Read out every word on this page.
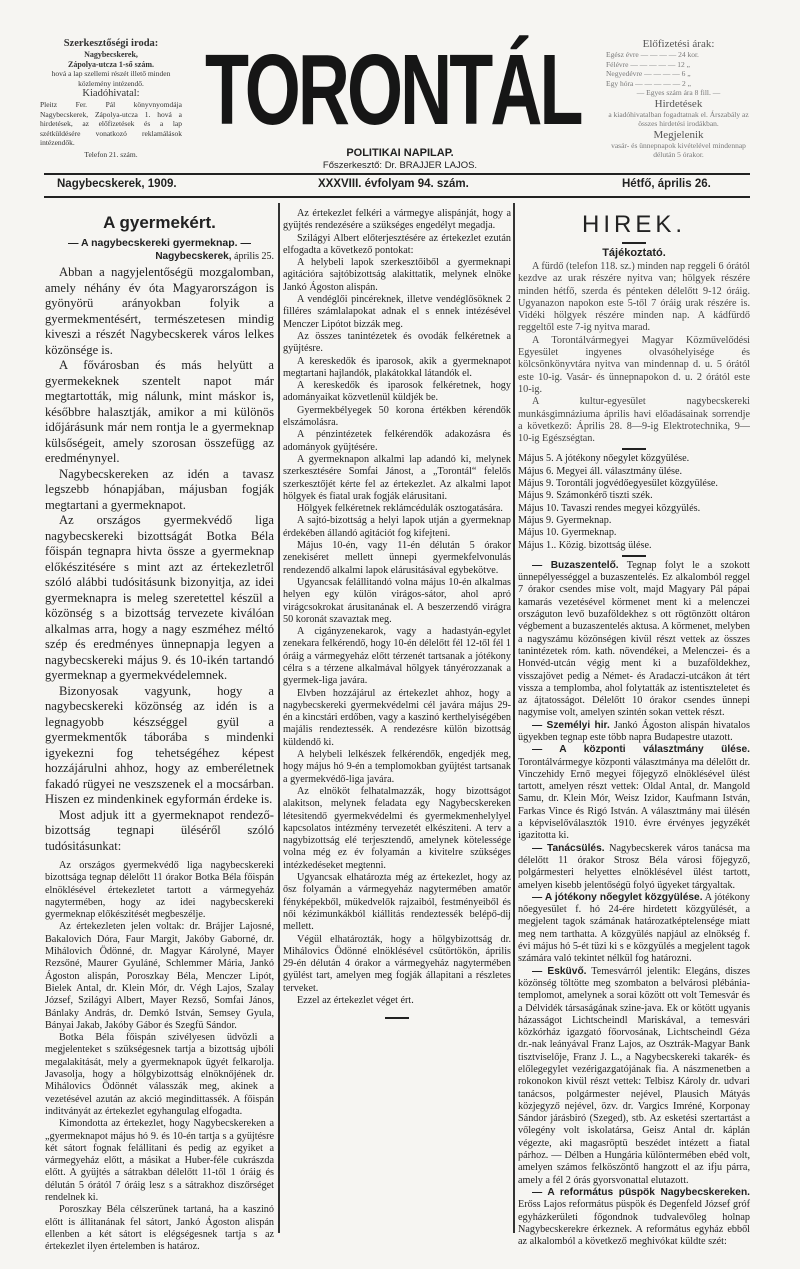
Szerkesztőségi iroda:
Nagybecskerek,
Zápolya-utcza 1-ső szám.
hová a lap szellemi részét illető minden közlemény intézendő.
Kiadóhivatal:
Pleitz Fer. Pál könyvnyomdája Nagybecskerek, Zápolya-utcza 1. hová a hirdetések, az előfizetések és a lap szétküldésére vonatkozó reklamálások intézendők.
Telefon 21. szám.
TORONTÁL
POLITIKAI NAPILAP.
Főszerkesztő: Dr. BRAJJER LAJOS.
Előfizetési árak:
Egész évre — — — — 24 kor.
Félévre — — — — — 12 „
Negyedévre — — — — 6 „
Egy hóra — — — — — 2 „
— Egyes szám ára 8 fill. —
Hirdetések
a kiadóhivatalban fogadtatnak el. Árszabály az összes hirdetési irodákban.
Megjelenik
vasár- és ünnepnapok kivételével mindennap délután 5 órakor.
Nagybecskerek, 1909.	XXXVIII. évfolyam 94. szám.	Hétfő, április 26.
A gyermekért.
— A nagybecskereki gyermeknap. —
Nagybecskerek, április 25.

Abban a nagyjelentőségü mozgalomban, amely néhány év óta Magyarországon is gyönyörü arányokban folyik a gyermekmentésért, természetesen mindig kiveszi a részét Nagybecskerek város lelkes közönsége is.

A fővárosban és más helyütt a gyermekeknek szentelt napot már megtartották, mig nálunk, mint máskor is, későbbre halasztják, amikor a mi különös időjárásunk már nem rontja le a gyermeknap külsőségeit, amely szorosan összefügg az eredménynyel.

Nagybecskereken az idén a tavasz legszebb hónapjában, májusban fogják megtartani a gyermeknapot.

Az országos gyermekvédő liga nagybecskereki bizottságát Botka Béla főispán tegnapra hivta össze a gyermeknap előkészitésére s mint azt az értekezletről szóló alábbi tudósitásunk bizonyitja, az idei gyermeknapra is meleg szeretettel készül a közönség s a bizottság tervezete kiválóan alkalmas arra, hogy a nagy eszméhez méltó szép és eredményes ünnepnapja legyen a nagybecskereki május 9. és 10-ikén tartandó gyermeknap a gyermekvédelemnek.

Bizonyosak vagyunk, hogy a nagybecskereki közönség az idén is a legnagyobb készséggel gyül a gyermekmentők táborába s mindenki igyekezni fog tehetségéhez képest hozzájárulni ahhoz, hogy az emberéletnek fakadó rügyei ne veszszenek el a mocsárban. Hiszen ez mindenkinek egyformán érdeke is.

Most adjuk itt a gyermeknapot rendező-bizottság tegnapi üléséről szóló tudósitásunkat:

Az országos gyermekvédő liga nagybecskereki bizottsága tegnap délelőtt 11 órakor Botka Béla főispán elnöklésével értekezletet tartott a vármegyeház nagytermében, hogy az idei nagybecskereki gyermeknap előkészitését megbeszélje.

Az értekezleten jelen voltak: dr. Brájjer Lajosné, Bakalovich Dóra, Faur Margit, Jakóby Gaborné, dr. Mihálovich Ödönné, dr. Magyar Károlyné, Mayer Rezsőné, Maurer Gyuláné, Schlemmer Mária, Jankó Ágoston alispán, Poroszkay Béla, Menczer Lipót, Bielek Antal, dr. Klein Mór, dr. Végh Lajos, Szalay József, Szilágyi Albert, Mayer Rezső, Somfai János, Bánlaky András, dr. Demkó István, Semsey Gyula, Bányai Jakab, Jakóby Gábor és Szegfü Sándor.

Botka Béla főispán szivélyesen üdvözli a megjelenteket s szükségesnek tartja a bizottság ujbóli megalakitását, mely a gyermeknapok ügyét felkarolja. Javasolja, hogy a hölgybizottság elnöknőjének dr. Mihálovics Ödönnét válasszák meg, akinek a vezetésével azután az akció megindittassék. A főispán inditványát az értekezlet egyhangulag elfogadta.

Kimondotta az értekezlet, hogy Nagybecskereken a „gyermeknapot május hó 9. és 10-én tartja s a gyüjtésre két sátort fognak felállitani és pedig az egyiket a vármegyeház előtt, a másikat a Huber-féle cukrászda előtt. A gyüjtés a sátrakban délelőtt 11-től 1 óráig és délután 5 órától 7 óráig lesz s a sátrakhoz diszőrséget rendelnek ki.

Poroszkay Béla célszerünek tartaná, ha a kaszinó előtt is állitanának fel sátort, Jankó Ágoston alispán ellenben a két sátort is elégségesnek tartja s az értekezlet ilyen értelemben is határoz.

Az értekezlet felkéri a vármegye alispánját, hogy a gyüjtés rendezésére a szükséges engedélyt megadja.

Szilágyi Albert előterjesztésére az értekezlet ezután elfogadta a következő pontokat:

A helybeli lapok szerkesztőiből a gyermeknapi agitációra sajtóbizottság alakittatik, melynek elnöke Jankó Ágoston alispán.

A vendéglői pincéreknek, illetve vendéglősöknek 2 filléres számlalapokat adnak el s ennek intézésével Menczer Lipótot bizzák meg.

Az összes tanintézetek és ovodák felkéretnek a gyüjtésre.

A kereskedők és iparosok, akik a gyermeknapot megtartani hajlandók, plakátokkal látandók el.

A kereskedők és iparosok felkéretnek, hogy adományaikat közvetlenül küldjék be.

Gyermekbélyegek 50 korona értékben kérendők elszámolásra.

A pénzintézetek felkérendők adakozásra és adományok gyüjtésére.

A gyermeknapon alkalmi lap adandó ki, melynek szerkesztésére Somfai Jánost, a „Torontál“ felelős szerkesztőjét kérte fel az értekezlet. Az alkalmi lapot hölgyek és fiatal urak fogják elárusitani.

Hölgyek felkéretnek reklámcédulák osztogatására.

A sajtó-bizottság a helyi lapok utján a gyermeknap érdekében állandó agitációt fog kifejteni.

Május 10-én, vagy 11-én délután 5 órakor zenekiséret mellett ünnepi gyermekfelvonulás rendezendő alkalmi lapok elárusitásával egybekötve.

Ugyancsak felállitandó volna május 10-én alkalmas helyen egy külön virágos-sátor, ahol apró virágcsokrokat árusitanának el. A beszerzendő virágra 50 koronát szavaztak meg.

A cigányzenekarok, vagy a hadastyán-egylet zenekara felkérendő, hogy 10-én délelőtt fél 12-től fél 1 óráig a vármegyeház előtt térzenét tartsanak a jótékony célra s a térzene alkalmával hölgyek tányérozzanak a gyermek-liga javára.

Elvben hozzájárul az értekezlet ahhoz, hogy a nagybecskereki gyermekvédelmi cél javára május 29-én a kincstári erdőben, vagy a kaszinó kerthelyiségében majális rendeztessék. A rendezésre külön bizottság küldendő ki.

A helybeli lelkészek felkérendők, engedjék meg, hogy május hó 9-én a templomokban gyüjtést tartsanak a gyermekvédő-liga javára.

Az elnököt felhatalmazzák, hogy bizottságot alakitson, melynek feladata egy Nagybecskereken létesitendő gyermekvédelmi és gyermekmenhelylyel kapcsolatos intézmény tervezetét elkésziteni. A terv a nagybizottság elé terjesztendő, amelynek kötelessége volna még ez év folyamán a kivitelre szükséges intézkedéseket megtenni.

Ugyancsak elhatározta még az értekezlet, hogy az ősz folyamán a vármegyeház nagytermében amatőr fényképekből, mükedvelők rajzaiból, festményeiből és női kézimunkákból kiállitás rendeztessék belépő-dij mellett.

Végül elhatározták, hogy a hölgybizottság dr. Mihálovics Ödönné elnöklésével csütörtökön, április 29-én délután 4 órakor a vármegyeház nagytermében gyülést tart, amelyen meg fogják állapitani a részletes terveket.

Ezzel az értekezlet véget ért.

HIREK.
Tájékoztató.

A fürdő (telefon 118. sz.) minden nap reggeli 6 órától kezdve az urak részére nyitva van; hölgyek részére minden hétfő, szerda és pénteken délelőtt 9-12 óráig. Ugyanazon napokon este 5-től 7 óráig urak részére is. Vidéki hölgyek részére minden nap. A kádfürdő reggeltől este 7-ig nyitva marad.

A Torontálvármegyei Magyar Közművelődési Egyesület ingyenes olvasóhelyisége és kölcsönkönyvtára nyitva van mindennap d. u. 5 órától este 10-ig. Vasár- és ünnepnapokon d. u. 2 órától este 10-ig.

A kultur-egyesület nagybecskereki munkásgimnáziuma április havi előadásainak sorrendje a következő: Április 28. 8—9-ig Elektrotechnika, 9—10-ig Egészségtan.

Május 5. A jótékony nőegylet közgyülése.

Május 6. Megyei áll. választmány ülése.

Május 9. Torontáli jogvédőegyesület közgyülése.

Május 9. Számonkérő tiszti szék.

Május 10. Tavaszi rendes megyei közgyülés.

Május 9. Gyermeknap.

Május 10. Gyermeknap.

Május 1.. Közig. bizottság ülése.

— Buzaszentelő. Tegnap folyt le a szokott ünnepélyességgel a buzaszentelés. Ez alkalomból reggel 7 órakor csendes mise volt, majd Magyary Pál pápai kamarás vezetésével körmenet ment ki a melenczei országuton levő buzaföldekhez s ott rögtönzött oltáron végbement a buzaszentelés aktusa. A körmenet, melyben a nagyszámu közönségen kivül részt vettek az összes tanintézetek róm. kath. növendékei, a Melenczei- és a Honvéd-utcán végig ment ki a buzaföldekhez, visszajövet pedig a Német- és Aradaczi-utcákon át tért vissza a templomba, ahol folytatták az istentiszteletet és az ájtatosságot. Délelőtt 10 órakor csendes ünnepi nagymise volt, amelyen szintén sokan vettek részt.

— Személyi hir. Jankó Ágoston alispán hivatalos ügyekben tegnap este több napra Budapestre utazott.

— A központi választmány ülése. Torontálvármegye központi választmánya ma délelőtt dr. Vinczehidy Ernő megyei főjegyző elnöklésével ülést tartott, amelyen részt vettek: Oldal Antal, dr. Mangold Samu, dr. Klein Mór, Weisz Izidor, Kaufmann István, Farkas Vince és Rigó István. A választmány mai ülésén a képviselőválasztók 1910. évre érvényes jegyzékét igazitotta ki.

— Tanácsülés. Nagybecskerek város tanácsa ma délelőtt 11 órakor Strosz Béla városi főjegyző, polgármesteri helyettes elnöklésével ülést tartott, amelyen kisebb jelentőségü folyó ügyeket tárgyaltak.

— A jótékony nőegylet közgyülése. A jótékony nőegyesület f. hó 24-ére hirdetett közgyülését, a megjelent tagok számának határozatképtelensége miatt meg nem tarthatta. A közgyülés napjául az elnökség f. évi május hó 5-ét tüzi ki s e közgyülés a megjelent tagok számára való tekintet nélkül fog határozni.

— Esküvő. Temesvárról jelentik: Elegáns, diszes közönség töltötte meg szombaton a belvárosi plébánia-templomot, amelynek a sorai között ott volt Temesvár és a Délvidék társaságának szine-java. Ek or kötött ugyanis házasságot Lichtscheindl Mariskával, a temesvári közkórház igazgató főorvosának, Lichtscheindl Géza dr.-nak leányával Franz Lajos, az Osztrák-Magyar Bank tisztviselője, Franz J. L., a Nagybecskereki takarék- és előlegegylet vezérigazgatójának fia. A nászmenetben a rokonokon kivül részt vettek: Telbisz Károly dr. udvari tanácsos, polgármester nejével, Plausich Mátyás közjegyző nejével, özv. dr. Vargics Imréné, Korponay Sándor járásbiró (Szeged), stb. Az esketési szertartást a vőlegény volt iskolatársa, Geisz Antal dr. káplán végezte, aki magasröptü beszédet intézett a fiatal párhoz. — Délben a Hungária különtermében ebéd volt, amelyen számos felköszöntő hangzott el az ifju párra, amely a fél 2 órás gyorsvonattal elutazott.

— A református püspök Nagybecskereken. Erőss Lajos református püspök és Degenfeld József gróf egyházkerületi főgondnok tudvalevőleg holnap Nagybecskerekre érkeznek. A református egyház ebből az alkalomból a következő meghivókat küldte szét:
